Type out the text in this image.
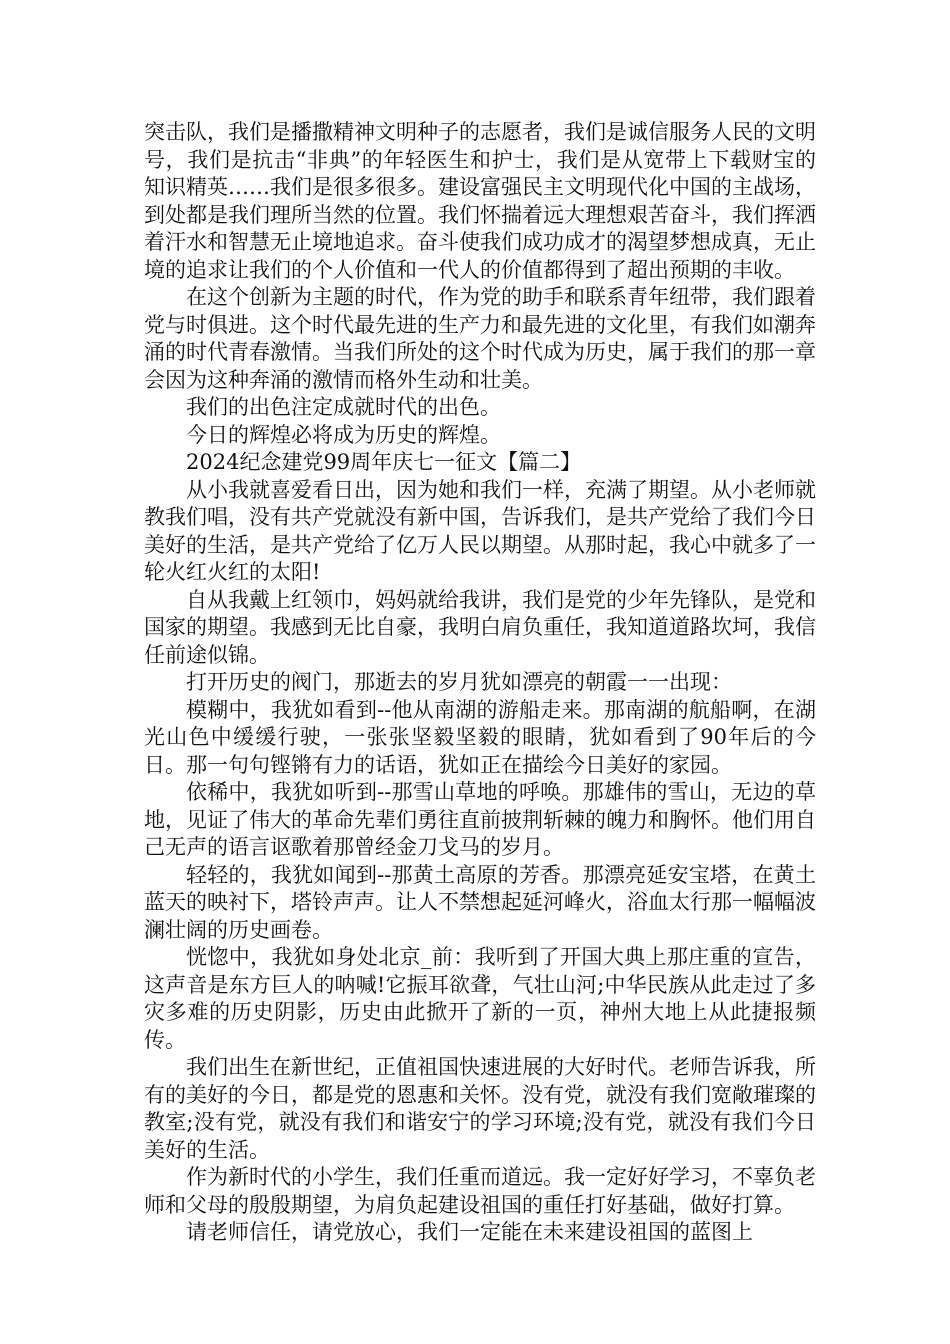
突击队，我们是播撒精神文明种子的志愿者，我们是诚信服务人民的文明号，我们是抗击“非典”的年轻医生和护士，我们是从宽带上下载财宝的知识精英……我们是很多很多。建设富强民主文明现代化中国的主战场，到处都是我们理所当然的位置。我们怀揣着远大理想艰苦奋斗，我们挥洒着汗水和智慧无止境地追求。奋斗使我们成功成才的渴望梦想成真，无止境的追求让我们的个人价值和一代人的价值都得到了超出预期的丰收。

在这个创新为主题的时代，作为党的助手和联系青年纽带，我们跟着党与时俱进。这个时代最先进的生产力和最先进的文化里，有我们如潮奔涌的时代青春激情。当我们所处的这个时代成为历史，属于我们的那一章会因为这种奔涌的激情而格外生动和壮美。

我们的出色注定成就时代的出色。

今日的辉煌必将成为历史的辉煌。

2024纪念建党99周年庆七一征文【篇二】

从小我就喜爱看日出，因为她和我们一样，充满了期望。从小老师就教我们唱，没有共产党就没有新中国，告诉我们，是共产党给了我们今日美好的生活，是共产党给了亿万人民以期望。从那时起，我心中就多了一轮火红火红的太阳!

自从我戴上红领巾，妈妈就给我讲，我们是党的少年先锋队，是党和国家的期望。我感到无比自豪，我明白肩负重任，我知道道路坎坷，我信任前途似锦。

打开历史的阀门，那逝去的岁月犹如漂亮的朝霞一一出现：

模糊中，我犹如看到--他从南湖的游船走来。那南湖的航船啊，在湖光山色中缓缓行驶，一张张坚毅坚毅的眼睛，犹如看到了90年后的今日。那一句句铿锵有力的话语，犹如正在描绘今日美好的家园。

依稀中，我犹如听到--那雪山草地的呼唤。那雄伟的雪山，无边的草地，见证了伟大的革命先辈们勇往直前披荆斩棘的魄力和胸怀。他们用自己无声的语言讴歌着那曾经金刀戈马的岁月。

轻轻的，我犹如闻到--那黄土高原的芳香。那漂亮延安宝塔，在黄土蓝天的映衬下，塔铃声声。让人不禁想起延河峰火，浴血太行那一幅幅波澜壮阔的历史画卷。

恍惚中，我犹如身处北京_前：我听到了开国大典上那庄重的宣告，这声音是东方巨人的呐喊!它振耳欲聋，气壮山河;中华民族从此走过了多灾多难的历史阴影，历史由此掀开了新的一页，神州大地上从此捷报频传。

我们出生在新世纪，正值祖国快速进展的大好时代。老师告诉我，所有的美好的今日，都是党的恩惠和关怀。没有党，就没有我们宽敞璀璨的教室;没有党，就没有我们和谐安宁的学习环境;没有党，就没有我们今日美好的生活。

作为新时代的小学生，我们任重而道远。我一定好好学习，不辜负老师和父母的殷殷期望，为肩负起建设祖国的重任打好基础，做好打算。

请老师信任，请党放心，我们一定能在未来建设祖国的蓝图上
